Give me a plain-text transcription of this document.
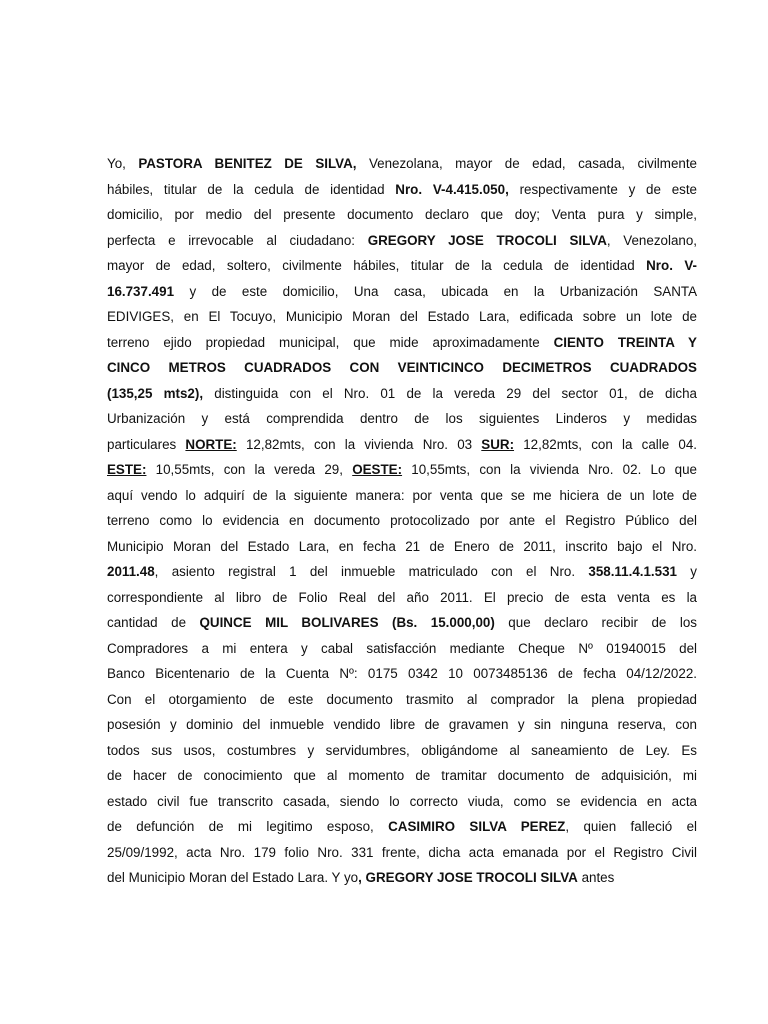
Yo, PASTORA BENITEZ DE SILVA, Venezolana, mayor de edad, casada, civilmente
hábiles, titular de la cedula de identidad Nro. V-4.415.050, respectivamente y de este
domicilio, por medio del presente documento declaro que doy; Venta pura y simple,
perfecta e irrevocable al ciudadano: GREGORY JOSE TROCOLI SILVA, Venezolano,
mayor de edad, soltero, civilmente hábiles, titular de la cedula de identidad Nro. V-
16.737.491 y de este domicilio, Una casa, ubicada en la Urbanización SANTA
EDIVIGES, en El Tocuyo, Municipio Moran del Estado Lara, edificada sobre un lote de
terreno ejido propiedad municipal, que mide aproximadamente CIENTO TREINTA Y
CINCO METROS CUADRADOS CON VEINTICINCO DECIMETROS CUADRADOS
(135,25 mts2), distinguida con el Nro. 01 de la vereda 29 del sector 01, de dicha
Urbanización y está comprendida dentro de los siguientes Linderos y medidas
particulares NORTE: 12,82mts, con la vivienda Nro. 03 SUR: 12,82mts, con la calle 04.
ESTE: 10,55mts, con la vereda 29, OESTE: 10,55mts, con la vivienda Nro. 02. Lo que
aquí vendo lo adquirí de la siguiente manera: por venta que se me hiciera de un lote de
terreno como lo evidencia en documento protocolizado por ante el Registro Público del
Municipio Moran del Estado Lara, en fecha 21 de Enero de 2011, inscrito bajo el Nro.
2011.48, asiento registral 1 del inmueble matriculado con el Nro. 358.11.4.1.531 y
correspondiente al libro de Folio Real del año 2011. El precio de esta venta es la
cantidad de QUINCE MIL BOLIVARES (Bs. 15.000,00) que declaro recibir de los
Compradores a mi entera y cabal satisfacción mediante Cheque Nº 01940015 del
Banco Bicentenario de la Cuenta Nº: 0175 0342 10 0073485136 de fecha 04/12/2022.
Con el otorgamiento de este documento trasmito al comprador la plena propiedad
posesión y dominio del inmueble vendido libre de gravamen y sin ninguna reserva, con
todos sus usos, costumbres y servidumbres, obligándome al saneamiento de Ley. Es
de hacer de conocimiento que al momento de tramitar documento de adquisición, mi
estado civil fue transcrito casada, siendo lo correcto viuda, como se evidencia en acta
de defunción de mi legitimo esposo, CASIMIRO SILVA PEREZ, quien falleció el
25/09/1992, acta Nro. 179 folio Nro. 331 frente, dicha acta emanada por el Registro Civil
del Municipio Moran del Estado Lara. Y yo, GREGORY JOSE TROCOLI SILVA antes
